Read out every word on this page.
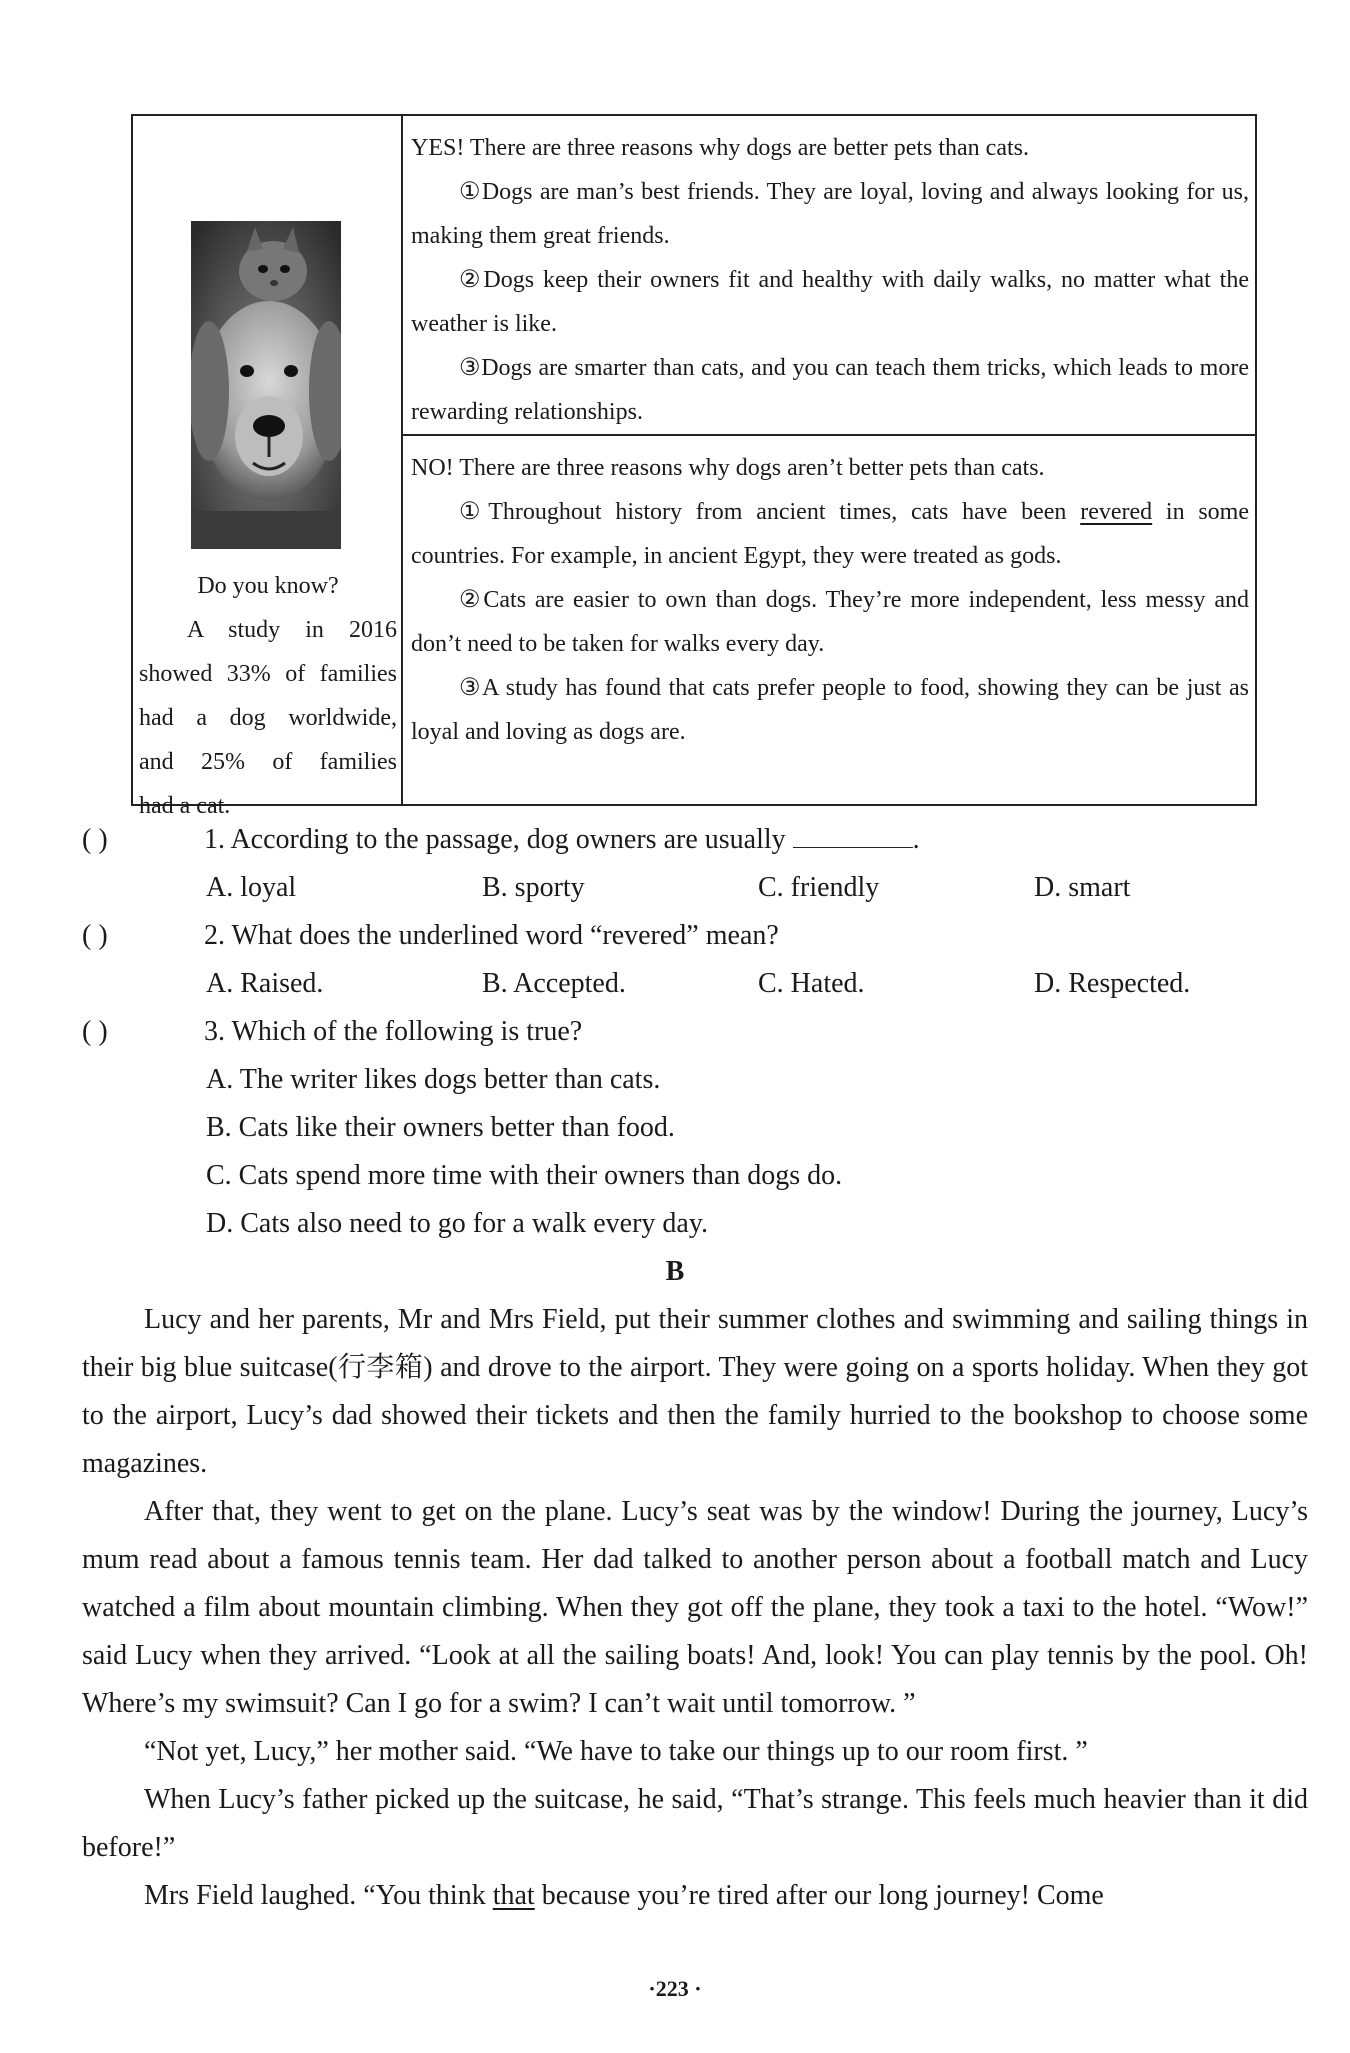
Do you know?

A study in 2016

showed 33% of families

had a dog worldwide,

and 25% of families

had a cat.

YES! There are three reasons why dogs are better pets than cats.

①Dogs are man’s best friends. They are loyal, loving and always looking for us, making them great friends.

②Dogs keep their owners fit and healthy with daily walks, no matter what the weather is like.

③Dogs are smarter than cats, and you can teach them tricks, which leads to more rewarding relationships.

NO! There are three reasons why dogs aren’t better pets than cats.

①Throughout history from ancient times, cats have been revered in some countries. For example, in ancient Egypt, they were treated as gods.

②Cats are easier to own than dogs. They’re more independent, less messy and don’t need to be taken for walks every day.

③A study has found that cats prefer people to food, showing they can be just as loyal and loving as dogs are.

( )	1. According to the passage, dog owners are usually	.
A. loyal	B. sporty	C. friendly	D. smart
( )	2. What does the underlined word “revered” mean?
A. Raised.	B. Accepted.	C. Hated.	D. Respected.
( )	3. Which of the following is true?
A. The writer likes dogs better than cats.
B. Cats like their owners better than food.
C. Cats spend more time with their owners than dogs do.
D. Cats also need to go for a walk every day.
B

Lucy and her parents, Mr and Mrs Field, put their summer clothes and swimming and sailing things in their big blue suitcase(行李箱) and drove to the airport. They were going on a sports holiday. When they got to the airport, Lucy’s dad showed their tickets and then the family hurried to the bookshop to choose some magazines.

After that, they went to get on the plane. Lucy’s seat was by the window! During the journey, Lucy’s mum read about a famous tennis team. Her dad talked to another person about a football match and Lucy watched a film about mountain climbing. When they got off the plane, they took a taxi to the hotel. “Wow!” said Lucy when they arrived. “Look at all the sailing boats! And, look! You can play tennis by the pool. Oh! Where’s my swimsuit? Can I go for a swim? I can’t wait until tomorrow. ”

“Not yet, Lucy,” her mother said. “We have to take our things up to our room first. ”

When Lucy’s father picked up the suitcase, he said, “That’s strange. This feels much heavier than it did before!”

Mrs Field laughed. “You think that because you’re tired after our long journey! Come

·223 ·
